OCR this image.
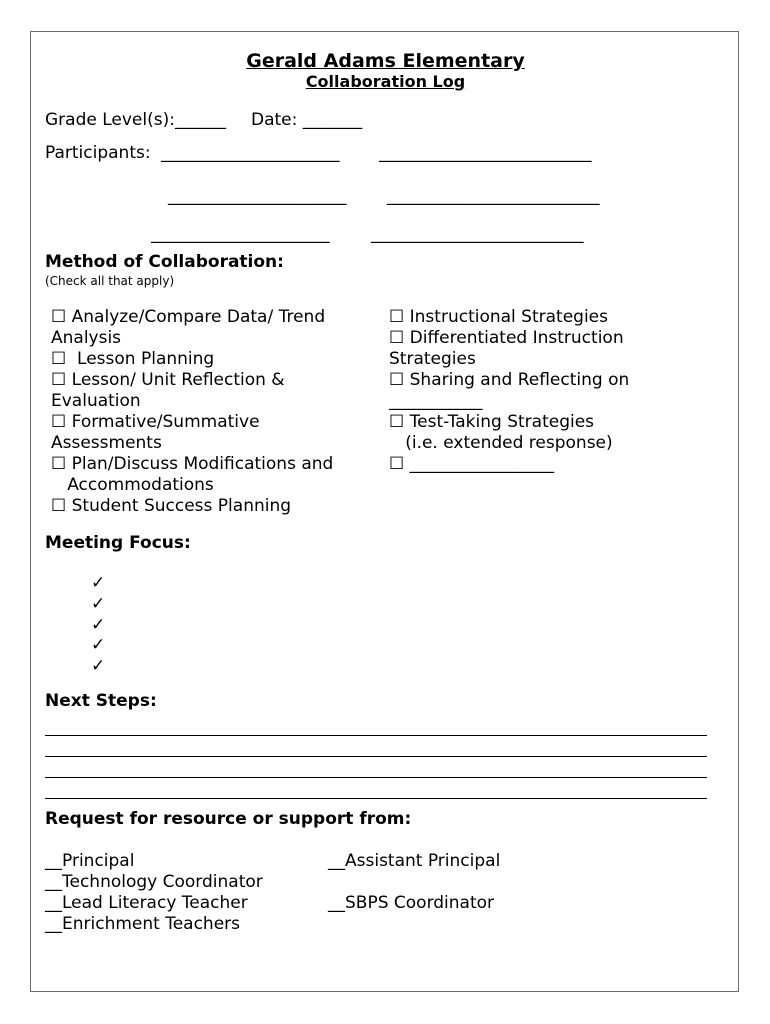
Gerald Adams Elementary
Collaboration Log
Grade Level(s):______ Date: _______
Participants: _____________________ _________________________
_____________________ _________________________
_____________________ _________________________
Method of Collaboration:
(Check all that apply)
☐ Analyze/Compare Data/ Trend
Analysis
☐  Lesson Planning
☐ Lesson/ Unit Reflection &
Evaluation
☐ Formative/Summative
Assessments
☐ Plan/Discuss Modifications and
Accommodations
☐ Student Success Planning
☐ Instructional Strategies
☐ Differentiated Instruction
Strategies
☐ Sharing and Reflecting on
___________
☐ Test-Taking Strategies
(i.e. extended response)
☐ _________________
Meeting Focus:
✓
✓
✓
✓
✓
Next Steps:
Request for resource or support from:
__Principal
__Technology Coordinator
__Lead Literacy Teacher
__Enrichment Teachers
__Assistant Principal
__SBPS Coordinator
